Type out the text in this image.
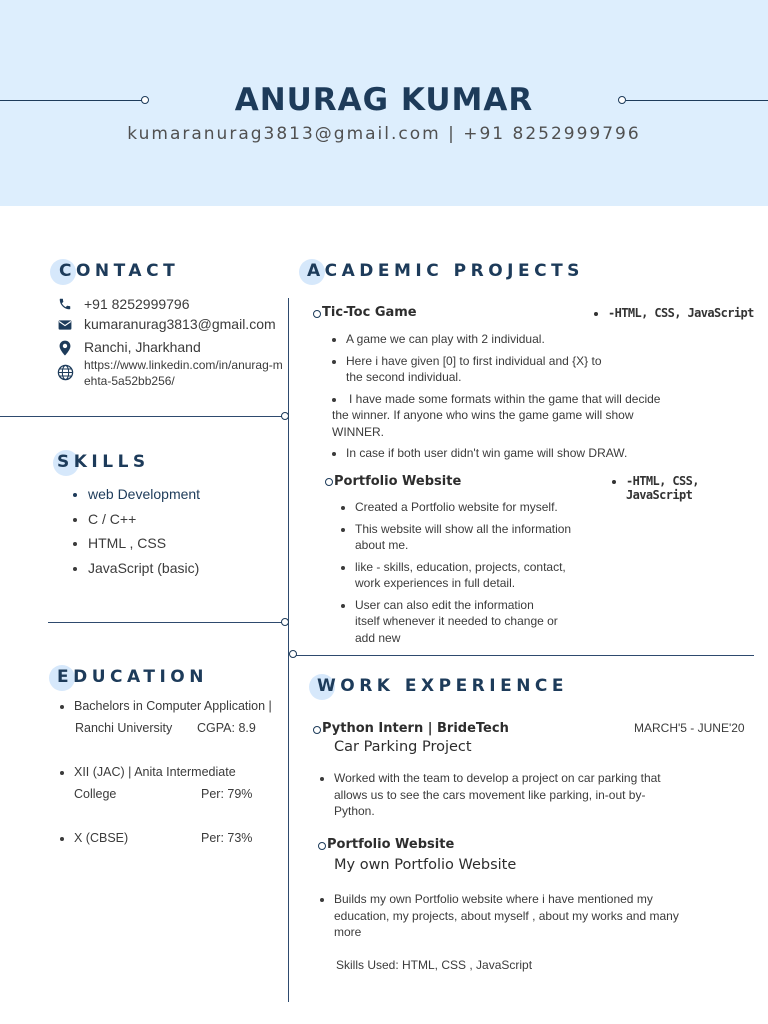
ANURAG KUMAR
kumaranurag3813@gmail.com | +91 8252999796
CONTACT
+91 8252999796
kumaranurag3813@gmail.com
Ranchi, Jharkhand
https://www.linkedin.com/in/anurag-mehta-5a52bb256/
SKILLS
• web Development
• C / C++
• HTML , CSS
• JavaScript (basic)
EDUCATION
• Bachelors in Computer Application |
Ranchi University CGPA: 8.9
• XII (JAC) | Anita Intermediate
College	Per: 79%
• X (CBSE)	Per: 73%
ACADEMIC PROJECTS
Tic-Toc Game	• -HTML, CSS, JavaScript
• A game we can play with 2 individual.
• Here i have given [0] to first individual and {X} to the second individual.
• I have made some formats within the game that will decide the winner. If anyone who wins the game game will show WINNER.
• In case if both user didn't win game will show DRAW.
Portfolio Website	• -HTML, CSS, JavaScript
• Created a Portfolio website for myself.
• This website will show all the information about me.
• like - skills, education, projects, contact, work experiences in full detail.
• User can also edit the information itself whenever it needed to change or add new
WORK EXPERIENCE
Python Intern | BrideTech	MARCH'5 - JUNE'20
Car Parking Project
• Worked with the team to develop a project on car parking that allows us to see the cars movement like parking, in-out by- Python.
Portfolio Website
My own Portfolio Website
• Builds my own Portfolio website where i have mentioned my education, my projects, about myself , about my works and many more
Skills Used: HTML, CSS , JavaScript
